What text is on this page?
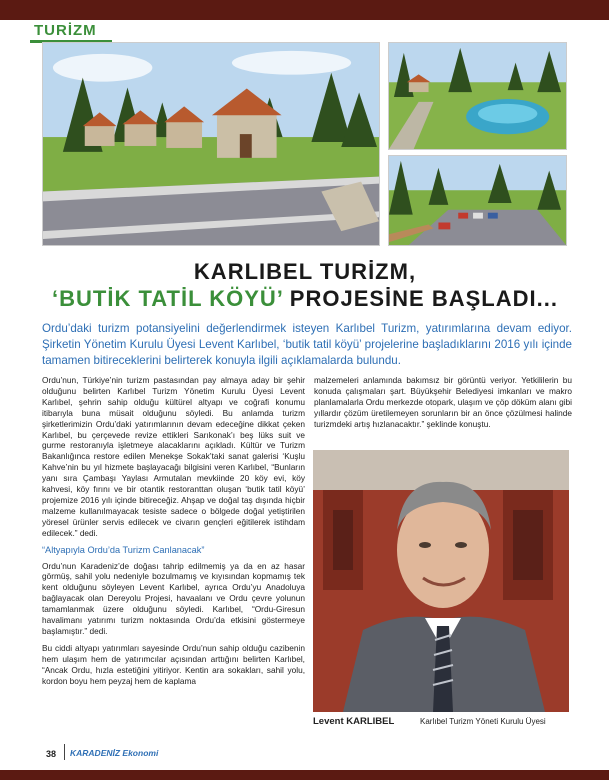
TURİZM
KARLIBEL TURİZM,
‘BUTİK TATİL KÖYÜ’ PROJESİNE BAŞLADI...
Ordu’daki turizm potansiyelini değerlendirmek isteyen Karlıbel Turizm, yatırımlarına devam ediyor. Şirketin Yönetim Kurulu Üyesi Levent Karlıbel, ‘butik tatil köyü’ projelerine başladıklarını 2016 yılı içinde tamamen bitireceklerini belirterek konuyla ilgili açıklamalarda bulundu.

Ordu’nun, Türkiye’nin turizm pastasından pay almaya aday bir şehir olduğunu belirten Karlıbel Turizm Yönetim Kurulu Üyesi Levent Karlıbel, şehrin sahip olduğu kültürel altyapı ve coğrafi konumu itibarıyla buna müsait olduğunu söyledi. Bu anlamda turizm şirketlerimizin Ordu’daki yatırımlarının devam edeceğine dikkat çeken Karlıbel, bu çerçevede revize ettikleri Sarıkonak’ı beş lüks suit ve gurme restoranıyla işletmeye alacaklarını açıkladı. Kültür ve Turizm Bakanlığınca restore edilen Menekşe Sokak’taki sanat galerisi ‘Kuşlu Kahve’nin bu yıl hizmete başlayacağı bilgisini veren Karlıbel, “Bunların yanı sıra Çambaşı Yaylası Armutalan mevkiinde 20 köy evi, köy kahvesi, köy fırını ve bir otantik restoranttan oluşan ‘butik tatil köyü’ projemize 2016 yılı içinde bitireceğiz. Ahşap ve doğal taş dışında hiçbir malzeme kullanılmayacak tesiste sadece o bölgede doğal yetiştirilen yöresel ürünler servis edilecek ve civarın gençleri eğitilerek istihdam edilecek.” dedi.

“Altyapıyla Ordu’da Turizm Canlanacak”

Ordu’nun Karadeniz’de doğası tahrip edilmemiş ya da en az hasar görmüş, sahil yolu nedeniyle bozulmamış ve kıyısından kopmamış tek kent olduğunu söyleyen Levent Karlıbel, ayrıca Ordu’yu Anadoluya bağlayacak olan Dereyolu Projesi, havaalanı ve Ordu çevre yolunun tamamlanmak üzere olduğunu söyledi. Karlıbel, “Ordu-Giresun havalimanı yatırımı turizm noktasında Ordu’da etkisini göstermeye başlamıştır.” dedi.

Bu ciddi altyapı yatırımları sayesinde Ordu’nun sahip olduğu cazibenin hem ulaşım hem de yatırımcılar açısından arttığını belirten Karlıbel, “Ancak Ordu, hızla estetiğini yitiriyor. Kentin ara sokakları, sahil yolu, kordon boyu hem peyzaj hem de kaplama

malzemeleri anlamında bakımsız bir görüntü veriyor. Yetkililerin bu konuda çalışmaları şart. Büyükşehir Belediyesi imkanları ve makro planlamalarla Ordu merkezde otopark, ulaşım ve çöp döküm alanı gibi yıllardır çözüm üretilemeyen sorunların bir an önce çözülmesi halinde turizmdeki artış hızlanacaktır.” şeklinde konuştu.

Levent KARLIBEL	Karlıbel Turizm Yöneti Kurulu Üyesi
38 KARADENİZ Ekonomi
